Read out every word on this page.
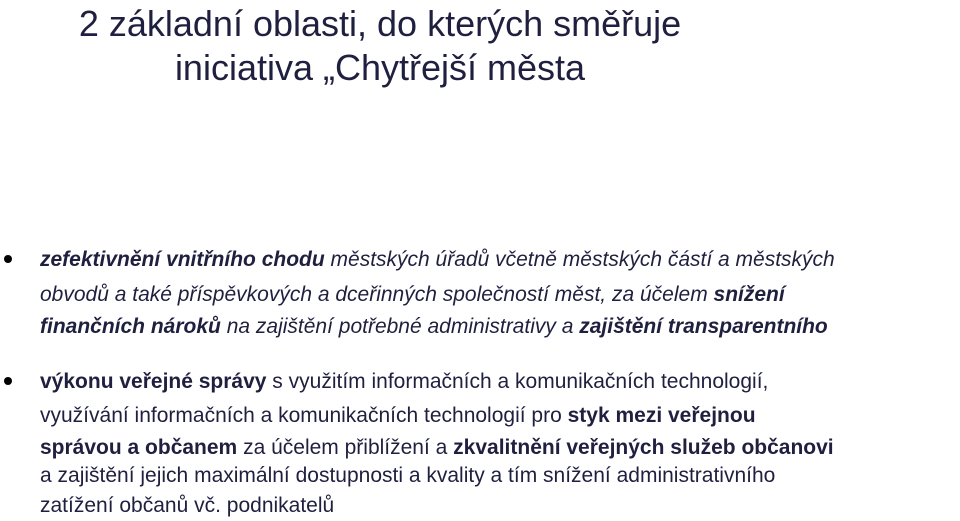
2 základní oblasti, do kterých směřuje
iniciativa „Chytřejší města
zefektivnění vnitřního chodu městských úřadů včetně městských částí a městských
obvodů a také příspěvkových a dceřinných společností měst, za účelem snížení
finančních nároků na zajištění potřebné administrativy a zajištění transparentního
výkonu veřejné správy s využitím informačních a komunikačních technologií,
využívání informačních a komunikačních technologií pro styk mezi veřejnou
správou a občanem za účelem přiblížení a zkvalitnění veřejných služeb občanovi
a zajištění jejich maximální dostupnosti a kvality a tím snížení administrativního
zatížení občanů vč. podnikatelů
